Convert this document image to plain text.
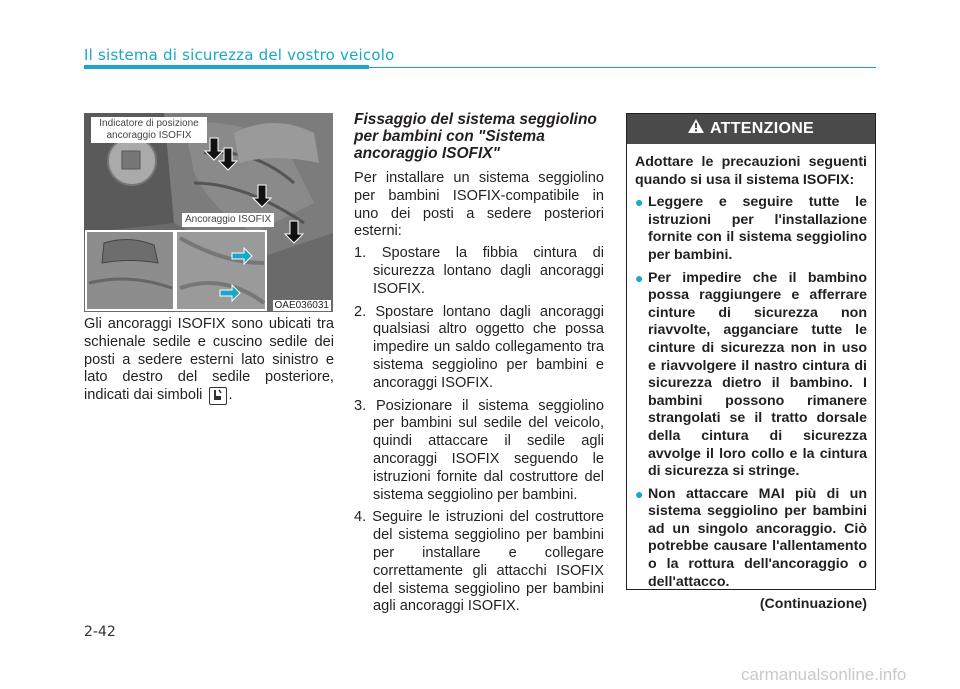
Il sistema di sicurezza del vostro veicolo
Indicatore di posizione ancoraggio ISOFIX
Ancoraggio ISOFIX
OAE036031
Gli ancoraggi ISOFIX sono ubicati tra schienale sedile e cuscino sedile dei posti a sedere esterni lato sinistro e lato destro del sedile posteriore, indicati dai simboli .
Fissaggio del sistema seggiolino per bambini con "Sistema ancoraggio ISOFIX"

Per installare un sistema seggiolino per bambini ISOFIX-compatibile in uno dei posti a sedere posteriori esterni:

1. Spostare la fibbia cintura di sicurezza lontano dagli ancoraggi ISOFIX.
2. Spostare lontano dagli ancoraggi qualsiasi altro oggetto che possa impedire un saldo collegamento tra sistema seggiolino per bambini e ancoraggi ISOFIX.
3. Posizionare il sistema seggiolino per bambini sul sedile del veicolo, quindi attaccare il sedile agli ancoraggi ISOFIX seguendo le istruzioni fornite dal costruttore del sistema seggiolino per bambini.
4. Seguire le istruzioni del costruttore del sistema seggiolino per bambini per installare e collegare correttamente gli attacchi ISOFIX del sistema seggiolino per bambini agli ancoraggi ISOFIX.
ATTENZIONE

Adottare le precauzioni seguenti quando si usa il sistema ISOFIX:

● Leggere e seguire tutte le istruzioni per l'installazione fornite con il sistema seggiolino per bambini.
● Per impedire che il bambino possa raggiungere e afferrare cinture di sicurezza non riavvolte, agganciare tutte le cinture di sicurezza non in uso e riavvolgere il nastro cintura di sicurezza dietro il bambino. I bambini possono rimanere strangolati se il tratto dorsale della cintura di sicurezza avvolge il loro collo e la cintura di sicurezza si stringe.
● Non attaccare MAI più di un sistema seggiolino per bambini ad un singolo ancoraggio. Ciò potrebbe causare l'allentamento o la rottura dell'ancoraggio o dell'attacco.
(Continuazione)
2-42
carmanualsonline.info
